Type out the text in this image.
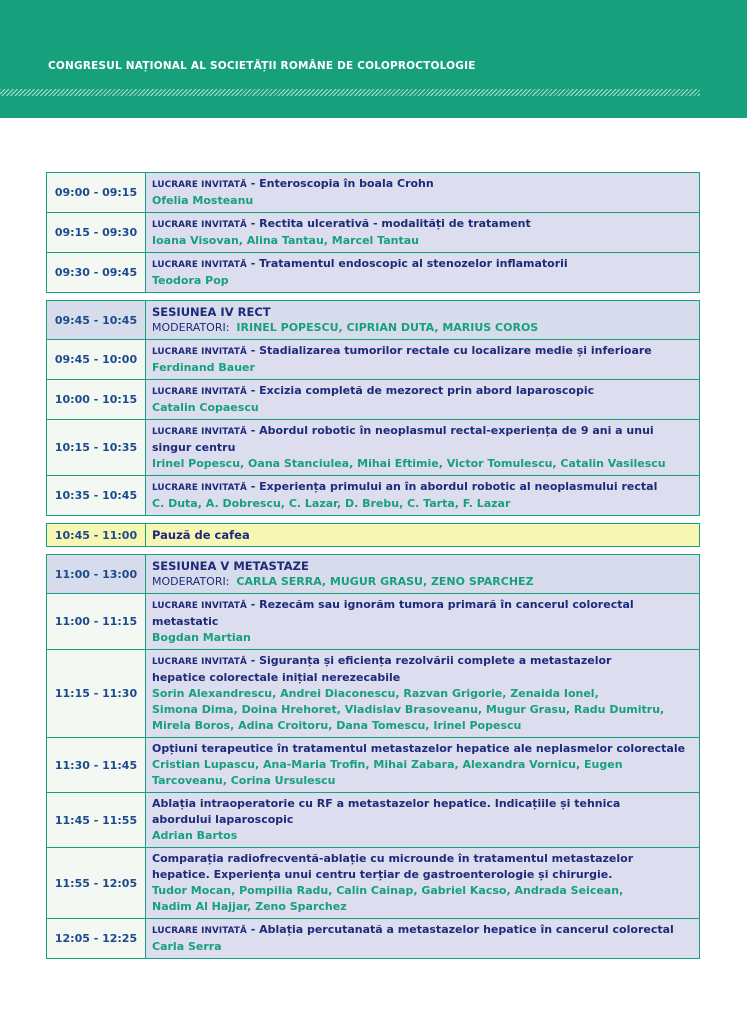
CONGRESUL NAȚIONAL AL SOCIETĂȚII ROMÂNE DE COLOPROCTOLOGIE
09:00 - 09:15
LUCRARE INVITATĂ - Enteroscopia în boala Crohn
Ofelia Mosteanu
09:15 - 09:30
LUCRARE INVITATĂ - Rectita ulcerativă - modalități de tratament
Ioana Visovan, Alina Tantau, Marcel Tantau
09:30 - 09:45
LUCRARE INVITATĂ - Tratamentul endoscopic al stenozelor inflamatorii
Teodora Pop
09:45 - 10:45
SESIUNEA IV RECT
MODERATORI: IRINEL POPESCU, CIPRIAN DUTA, MARIUS COROS
09:45 - 10:00
LUCRARE INVITATĂ - Stadializarea tumorilor rectale cu localizare medie și inferioare
Ferdinand Bauer
10:00 - 10:15
LUCRARE INVITATĂ - Excizia completă de mezorect prin abord laparoscopic
Catalin Copaescu
10:15 - 10:35
LUCRARE INVITATĂ - Abordul robotic în neoplasmul rectal-experiența de 9 ani a unui
singur centru
Irinel Popescu, Oana Stanciulea, Mihai Eftimie, Victor Tomulescu, Catalin Vasilescu
10:35 - 10:45
LUCRARE INVITATĂ - Experiența primului an în abordul robotic al neoplasmului rectal
C. Duta, A. Dobrescu, C. Lazar, D. Brebu, C. Tarta, F. Lazar
10:45 - 11:00	Pauză de cafea
11:00 - 13:00
SESIUNEA V METASTAZE
MODERATORI: CARLA SERRA, MUGUR GRASU, ZENO SPARCHEZ
11:00 - 11:15
LUCRARE INVITATĂ - Rezecăm sau ignorăm tumora primară în cancerul colorectal
metastatic
Bogdan Martian
11:15 - 11:30
LUCRARE INVITATĂ - Siguranța și eficiența rezolvării complete a metastazelor
hepatice colorectale inițial nerezecabile
Sorin Alexandrescu, Andrei Diaconescu, Razvan Grigorie, Zenaida Ionel,
Simona Dima, Doina Hrehoret, Vladislav Brasoveanu, Mugur Grasu, Radu Dumitru,
Mirela Boros, Adina Croitoru, Dana Tomescu, Irinel Popescu
11:30 - 11:45
Opțiuni terapeutice în tratamentul metastazelor hepatice ale neplasmelor colorectale
Cristian Lupascu, Ana-Maria Trofin, Mihai Zabara, Alexandra Vornicu, Eugen
Tarcoveanu, Corina Ursulescu
11:45 - 11:55
Ablația intraoperatorie cu RF a metastazelor hepatice. Indicațiile și tehnica
abordului laparoscopic
Adrian Bartos
11:55 - 12:05
Comparația radiofrecventă-ablație cu microunde în tratamentul metastazelor
hepatice. Experiența unui centru terțiar de gastroenterologie și chirurgie.
Tudor Mocan, Pompilia Radu, Calin Cainap, Gabriel Kacso, Andrada Seicean,
Nadim Al Hajjar, Zeno Sparchez
12:05 - 12:25
LUCRARE INVITATĂ - Ablația percutanată a metastazelor hepatice în cancerul colorectal
Carla Serra
